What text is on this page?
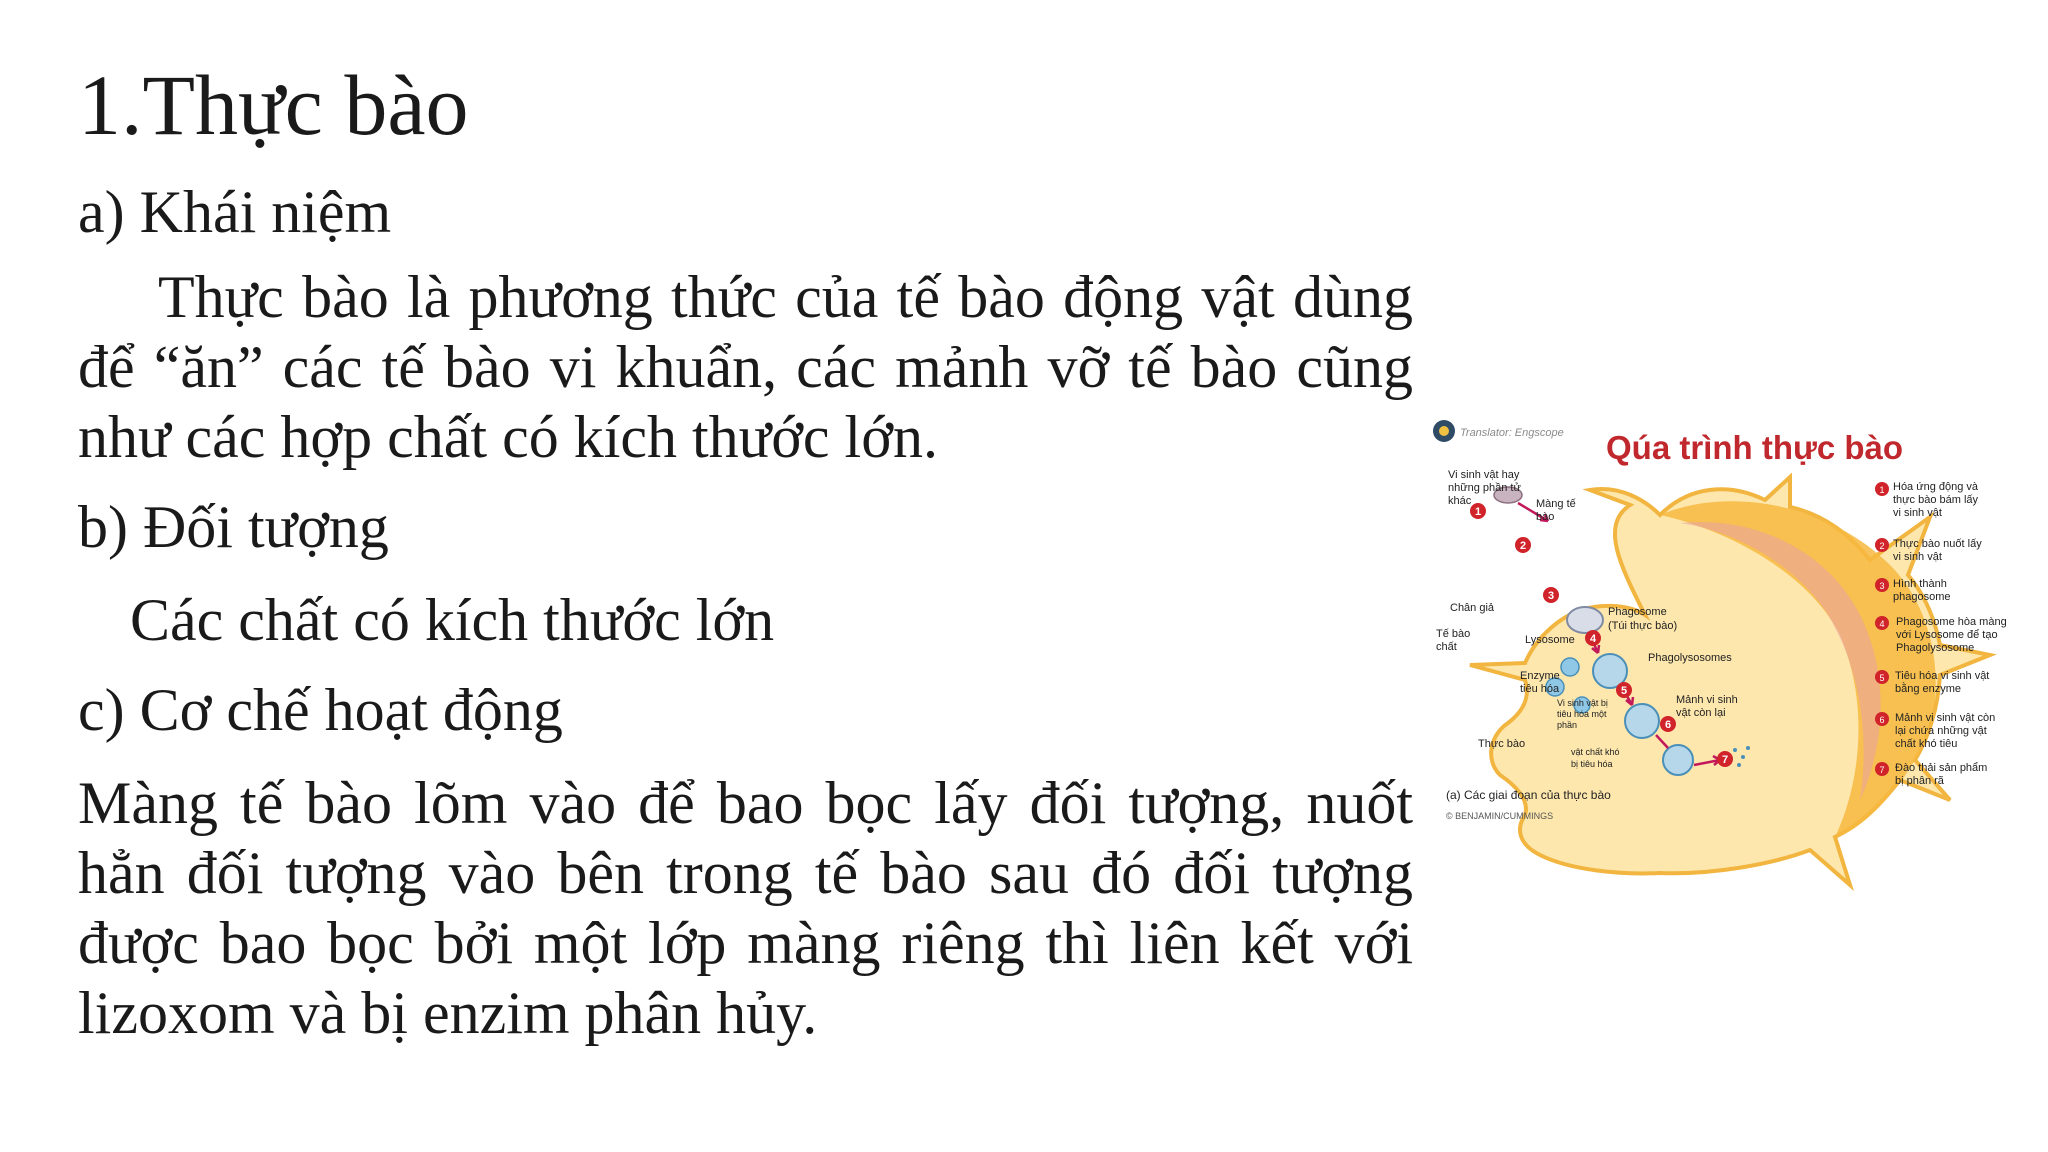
1.Thực bào
a) Khái niệm
Thực bào là phương thức của tế bào động vật dùng để “ăn” các tế bào vi khuẩn, các mảnh vỡ tế bào cũng như các hợp chất có kích thước lớn.
b) Đối tượng
Các chất có kích thước lớn
c) Cơ chế hoạt động
Màng tế bào lõm vào để bao bọc lấy đối tượng, nuốt hẳn đối tượng vào bên trong tế bào sau đó đối tượng được bao bọc bởi một lớp màng riêng thì liên kết với lizoxom và bị enzim phân hủy.
Translator: Engscope Qúa trình thực bào
1
2
3
4
5
6
7
Vi sinh vật hay
những phần tử
khác	Màng tế
bào
Chân giả
Tế bào
chất
Lysosome
Phagosome
(Túi thực bào)
Phagolysosomes
Enzyme
tiêu hóa
Vi sinh vật bị
tiêu hóa một
phần
Mảnh vi sinh
vật còn lại
Thực bào
vật chất khó
bị tiêu hóa
(a) Các giai đoạn của thực bào
© BENJAMIN/CUMMINGS
1 Hóa ứng động và
thực bào bám lấy
vi sinh vật
2 Thực bào nuốt lấy
vi sinh vật
3 Hình thành
phagosome
4 Phagosome hòa màng
với Lysosome để tạo
Phagolysosome
5 Tiêu hóa vi sinh vật
bằng enzyme
6 Mảnh vi sinh vật còn
lại chứa những vật
chất khó tiêu
7 Đào thải sản phẩm
bị phân rã
